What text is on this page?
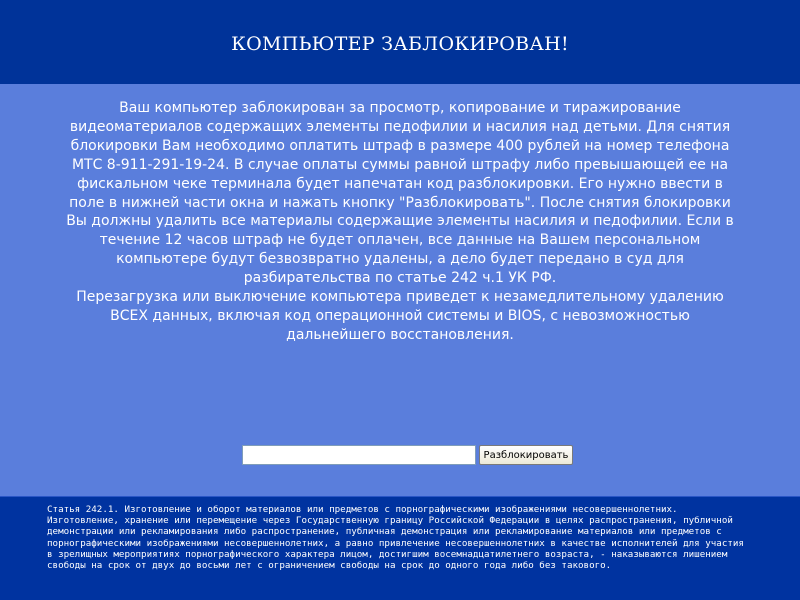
КОМПЬЮТЕР ЗАБЛОКИРОВАН!

Ваш компьютер заблокирован за просмотр, копирование и тиражирование видеоматериалов содержащих элементы педофилии и насилия над детьми. Для снятия блокировки Вам необходимо оплатить штраф в размере 400 рублей на номер телефона МТС 8-911-291-19-24. В случае оплаты суммы равной штрафу либо превышающей ее на фискальном чеке терминала будет напечатан код разблокировки. Его нужно ввести в поле в нижней части окна и нажать кнопку "Разблокировать". После снятия блокировки Вы должны удалить все материалы содержащие элементы насилия и педофилии. Если в течение 12 часов штраф не будет оплачен, все данные на Вашем персональном компьютере будут безвозвратно удалены, а дело будет передано в суд для разбирательства по статье 242 ч.1 УК РФ.

Перезагрузка или выключение компьютера приведет к незамедлительному удалению ВСЕХ данных, включая код операционной системы и BIOS, с невозможностью дальнейшего восстановления.

Разблокировать

Статья 242.1. Изготовление и оборот материалов или предметов с порнографическими изображениями несовершеннолетних.

Изготовление, хранение или перемещение через Государственную границу Российской Федерации в целях распространения, публичной демонстрации или рекламирования либо распространение, публичная демонстрация или рекламирование материалов или предметов с порнографическими изображениями несовершеннолетних, а равно привлечение несовершеннолетних в качестве исполнителей для участия в зрелищных мероприятиях порнографического характера лицом, достигшим восемнадцатилетнего возраста, - наказываются лишением свободы на срок от двух до восьми лет с ограничением свободы на срок до одного года либо без такового.
